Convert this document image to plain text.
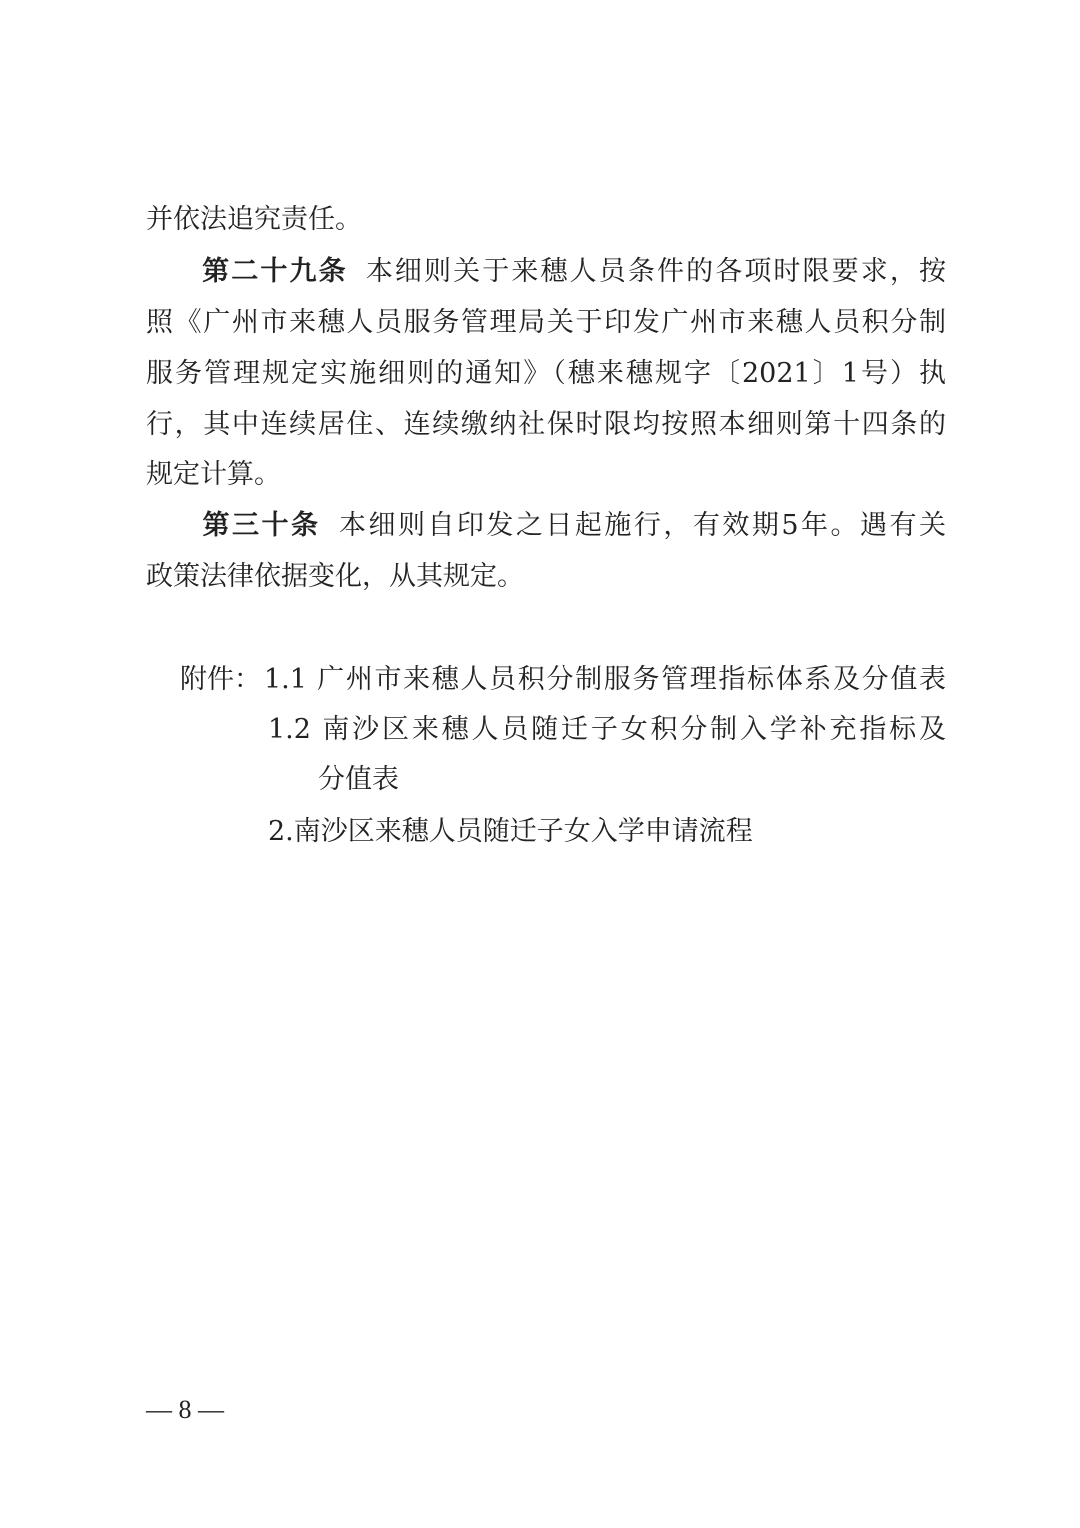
并依法追究责任。
第二十九条 本细则关于来穗人员条件的各项时限要求，按
照《广州市来穗人员服务管理局关于印发广州市来穗人员积分制
服务管理规定实施细则的通知》（穗来穗规字〔2021〕1号）执
行，其中连续居住、连续缴纳社保时限均按照本细则第十四条的
规定计算。
第三十条 本细则自印发之日起施行，有效期5年。遇有关
政策法律依据变化，从其规定。
附件： 1.1 广州市来穗人员积分制服务管理指标体系及分值表
1.2 南沙区来穗人员随迁子女积分制入学补充指标及
分值表
2.南沙区来穗人员随迁子女入学申请流程
— 8 —
